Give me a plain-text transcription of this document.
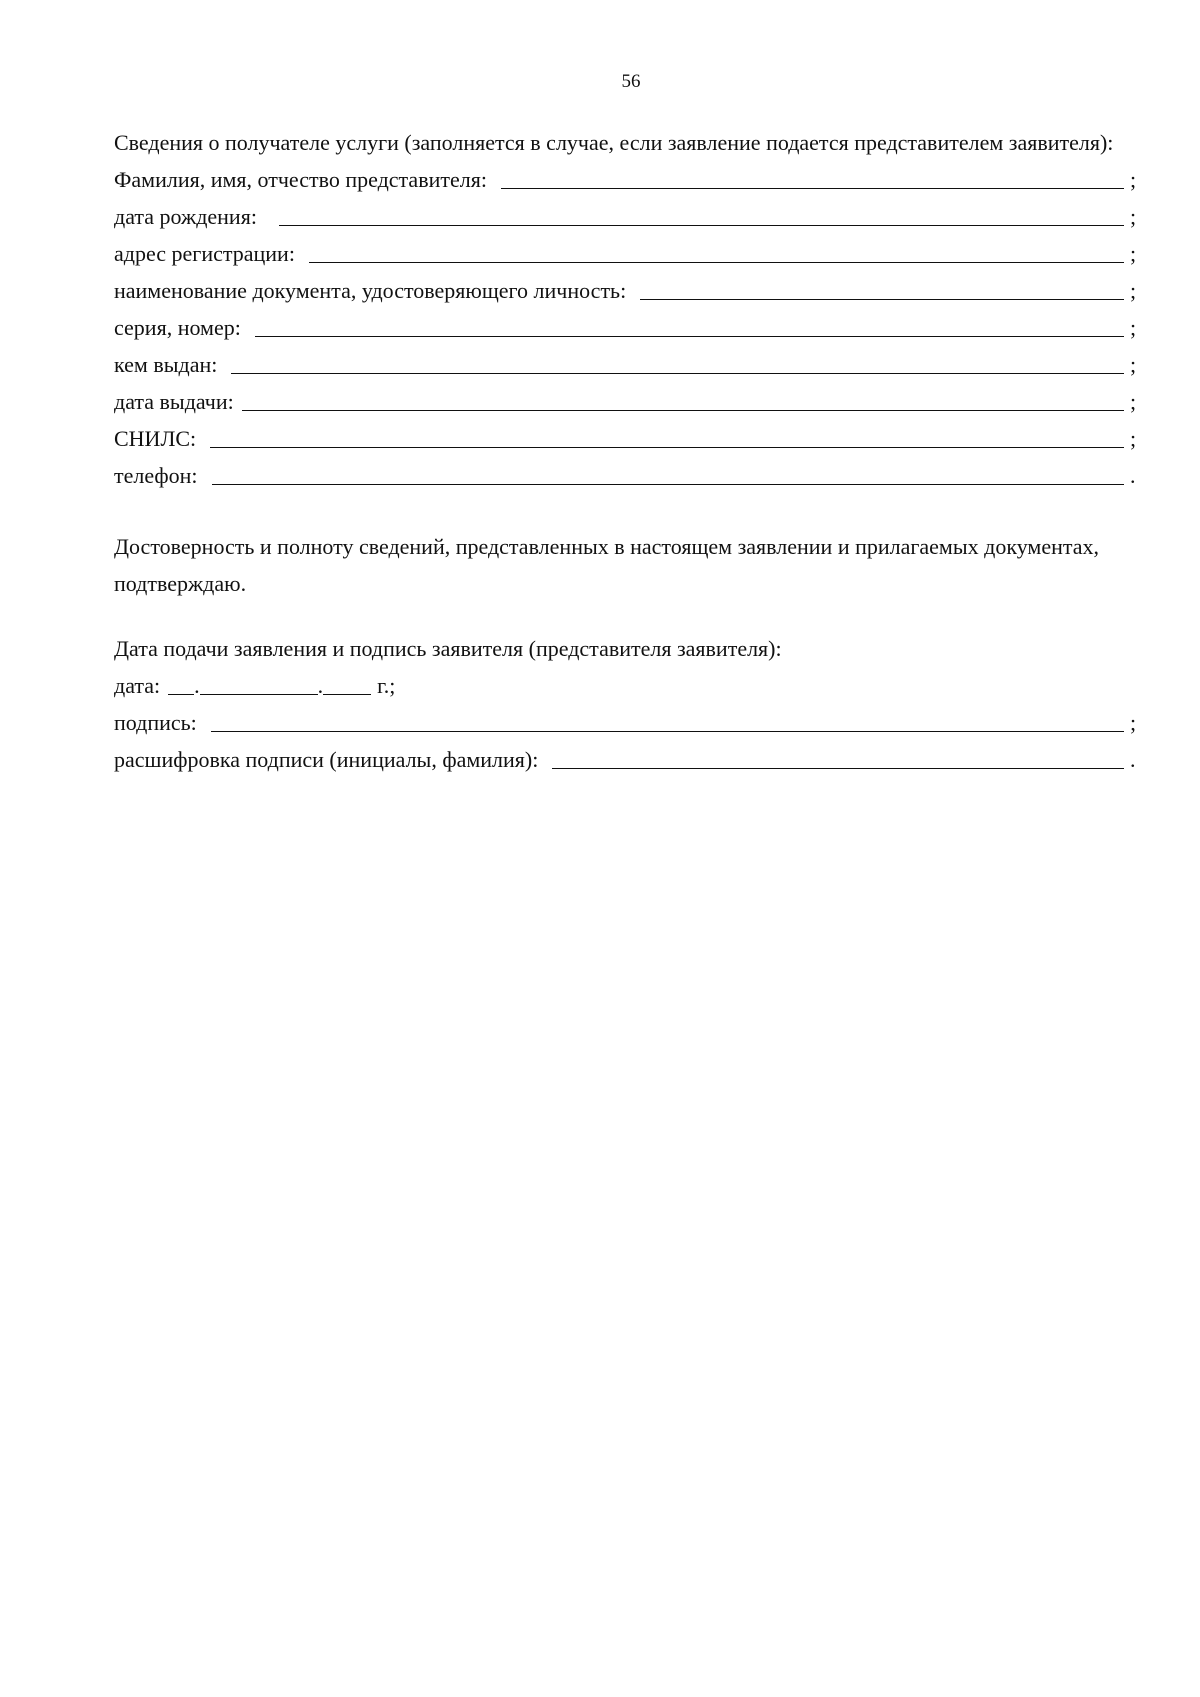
56

Сведения о получателе услуги (заполняется в случае, если заявление подается представителем заявителя):

Фамилия, имя, отчество представителя:	;
дата рождения:	;
адрес регистрации:	;
наименование документа, удостоверяющего личность:	;
серия, номер:	;
кем выдан:	;
дата выдачи:	;
СНИЛС:	;
телефон:	.

Достоверность и полноту сведений, представленных в настоящем заявлении и прилагаемых документах, подтверждаю.

Дата подачи заявления и подпись заявителя (представителя заявителя):

дата: .	. г.;
подпись:	;
расшифровка подписи (инициалы, фамилия):	.
